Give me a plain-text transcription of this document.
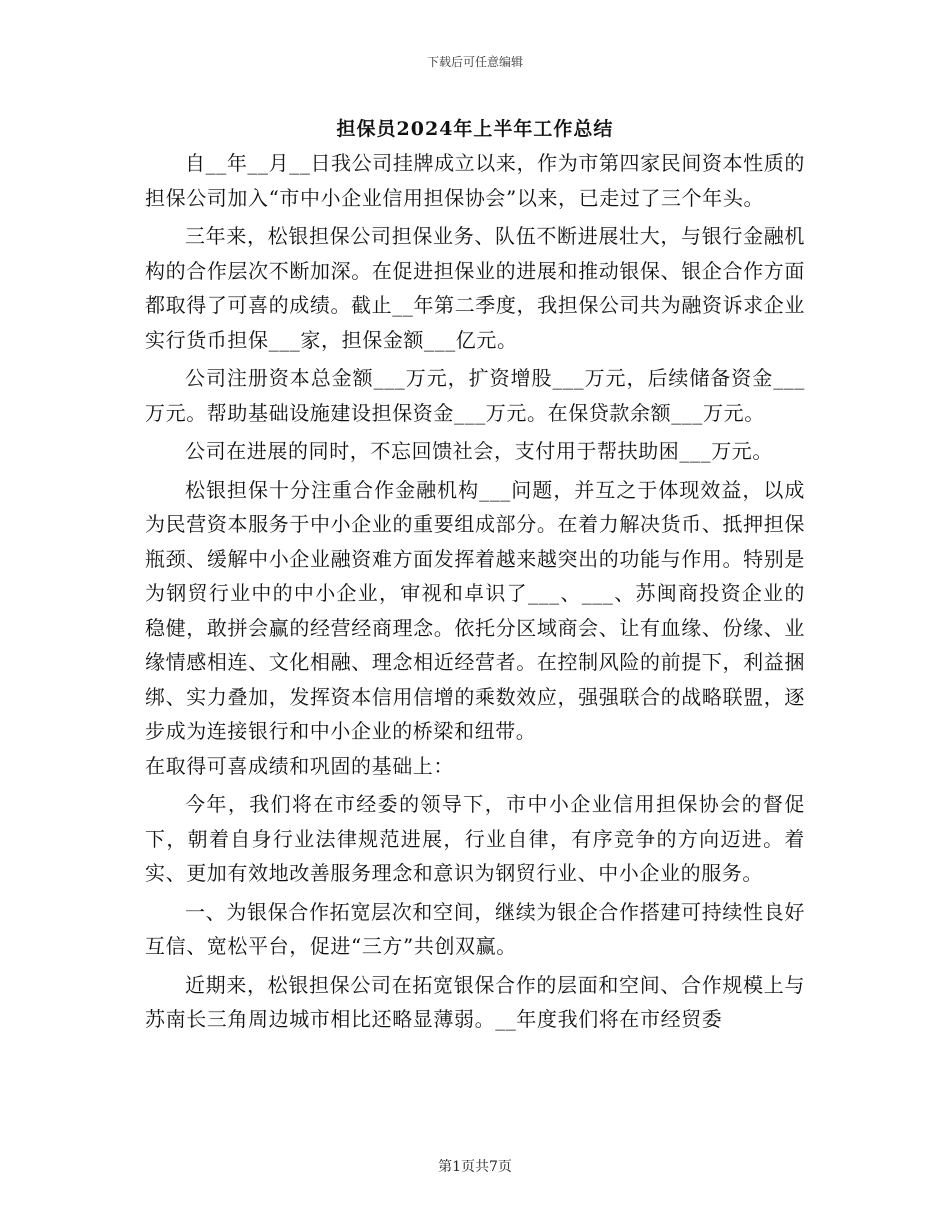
下载后可任意编辑
担保员2024年上半年工作总结

自__年__月__日我公司挂牌成立以来，作为市第四家民间资本性质的担保公司加入“市中小企业信用担保协会”以来，已走过了三个年头。

三年来，松银担保公司担保业务、队伍不断进展壮大，与银行金融机构的合作层次不断加深。在促进担保业的进展和推动银保、银企合作方面都取得了可喜的成绩。截止__年第二季度，我担保公司共为融资诉求企业实行货币担保___家，担保金额___亿元。

公司注册资本总金额___万元，扩资增股___万元，后续储备资金___万元。帮助基础设施建设担保资金___万元。在保贷款余额___万元。

公司在进展的同时，不忘回馈社会，支付用于帮扶助困___万元。

松银担保十分注重合作金融机构___问题，并互之于体现效益，以成为民营资本服务于中小企业的重要组成部分。在着力解决货币、抵押担保瓶颈、缓解中小企业融资难方面发挥着越来越突出的功能与作用。特别是为钢贸行业中的中小企业，审视和卓识了___、___、苏闽商投资企业的稳健，敢拼会赢的经营经商理念。依托分区域商会、让有血缘、份缘、业缘情感相连、文化相融、理念相近经营者。在控制风险的前提下，利益捆绑、实力叠加，发挥资本信用信增的乘数效应，强强联合的战略联盟，逐步成为连接银行和中小企业的桥梁和纽带。

在取得可喜成绩和巩固的基础上：

今年，我们将在市经委的领导下，市中小企业信用担保协会的督促下，朝着自身行业法律规范进展，行业自律，有序竞争的方向迈进。着实、更加有效地改善服务理念和意识为钢贸行业、中小企业的服务。

一、为银保合作拓宽层次和空间，继续为银企合作搭建可持续性良好互信、宽松平台，促进“三方”共创双赢。

近期来，松银担保公司在拓宽银保合作的层面和空间、合作规模上与苏南长三角周边城市相比还略显薄弱。__年度我们将在市经贸委

第1页共7页
